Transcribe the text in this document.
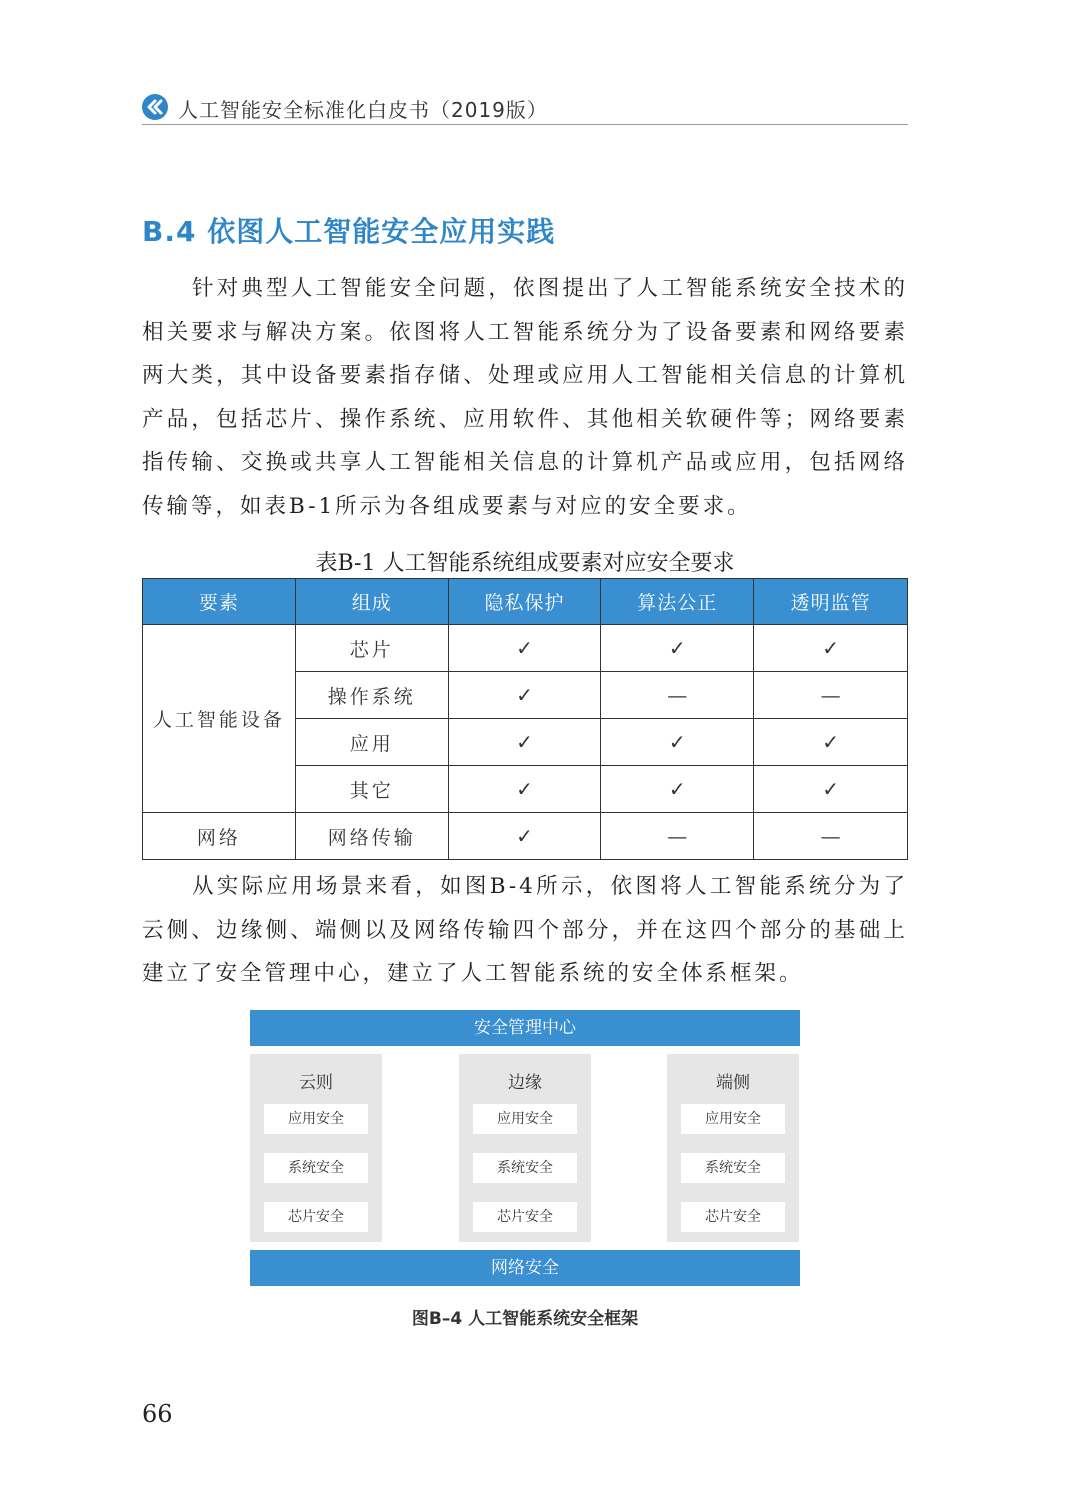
人工智能安全标准化白皮书（2019版）
B.4 依图人工智能安全应用实践

针对典型人工智能安全问题，依图提出了人工智能系统安全技术的相关要求与解决方案。依图将人工智能系统分为了设备要素和网络要素两大类，其中设备要素指存储、处理或应用人工智能相关信息的计算机产品，包括芯片、操作系统、应用软件、其他相关软硬件等；网络要素指传输、交换或共享人工智能相关信息的计算机产品或应用，包括网络传输等，如表B-1所示为各组成要素与对应的安全要求。

表B-1 人工智能系统组成要素对应安全要求
要素	组成	隐私保护	算法公正	透明监管
人工智能设备	芯片	✓	✓	✓
	操作系统	✓	—	—
	应用	✓	✓	✓
	其它	✓	✓	✓
网络	网络传输	✓	—	—

从实际应用场景来看，如图B-4所示，依图将人工智能系统分为了云侧、边缘侧、端侧以及网络传输四个部分，并在这四个部分的基础上建立了安全管理中心，建立了人工智能系统的安全体系框架。

安全管理中心
云则
应用安全
系统安全
芯片安全
边缘
应用安全
系统安全
芯片安全
端侧
应用安全
系统安全
芯片安全
网络安全
图B–4 人工智能系统安全框架
66
